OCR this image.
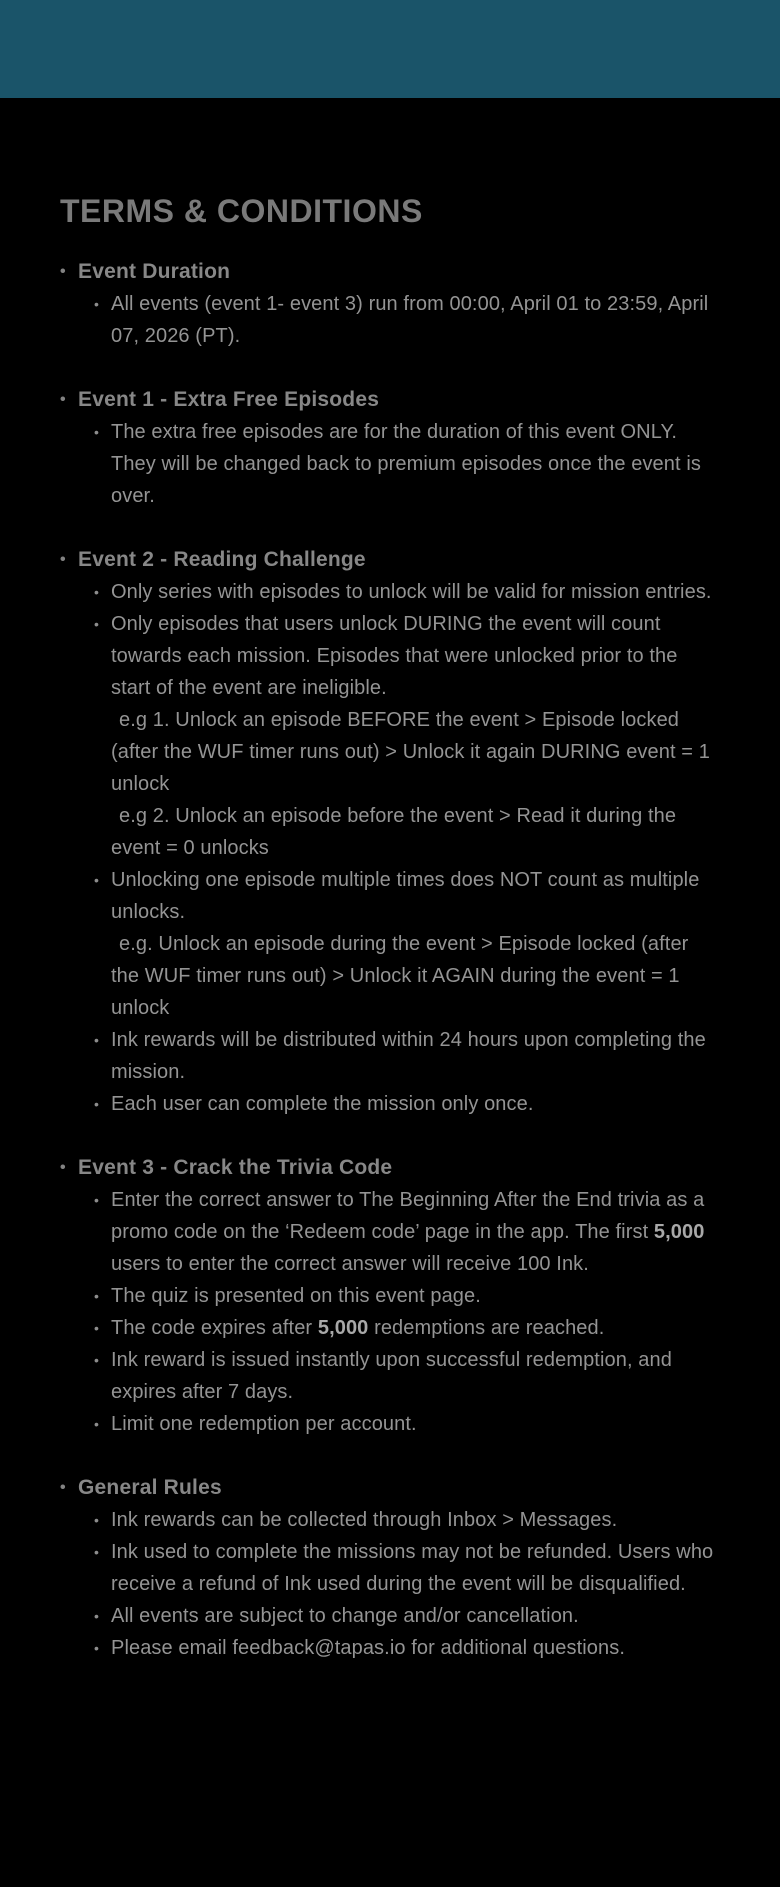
TERMS & CONDITIONS
• Event Duration
• All events (event 1- event 3) run from 00:00, April 01 to 23:59, April 07, 2026 (PT).
• Event 1 - Extra Free Episodes
• The extra free episodes are for the duration of this event ONLY. They will be changed back to premium episodes once the event is over.
• Event 2 - Reading Challenge
• Only series with episodes to unlock will be valid for mission entries.
• Only episodes that users unlock DURING the event will count towards each mission. Episodes that were unlocked prior to the start of the event are ineligible.
e.g 1. Unlock an episode BEFORE the event > Episode locked (after the WUF timer runs out) > Unlock it again DURING event = 1 unlock
e.g 2. Unlock an episode before the event > Read it during the event = 0 unlocks
• Unlocking one episode multiple times does NOT count as multiple unlocks.
e.g. Unlock an episode during the event > Episode locked (after the WUF timer runs out) > Unlock it AGAIN during the event = 1 unlock
• Ink rewards will be distributed within 24 hours upon completing the mission.
• Each user can complete the mission only once.
• Event 3 - Crack the Trivia Code
• Enter the correct answer to The Beginning After the End trivia as a promo code on the ‘Redeem code’ page in the app. The first 5,000 users to enter the correct answer will receive 100 Ink.
• The quiz is presented on this event page.
• The code expires after 5,000 redemptions are reached.
• Ink reward is issued instantly upon successful redemption, and expires after 7 days.
• Limit one redemption per account.
• General Rules
• Ink rewards can be collected through Inbox > Messages.
• Ink used to complete the missions may not be refunded. Users who receive a refund of Ink used during the event will be disqualified.
• All events are subject to change and/or cancellation.
• Please email feedback@tapas.io for additional questions.
